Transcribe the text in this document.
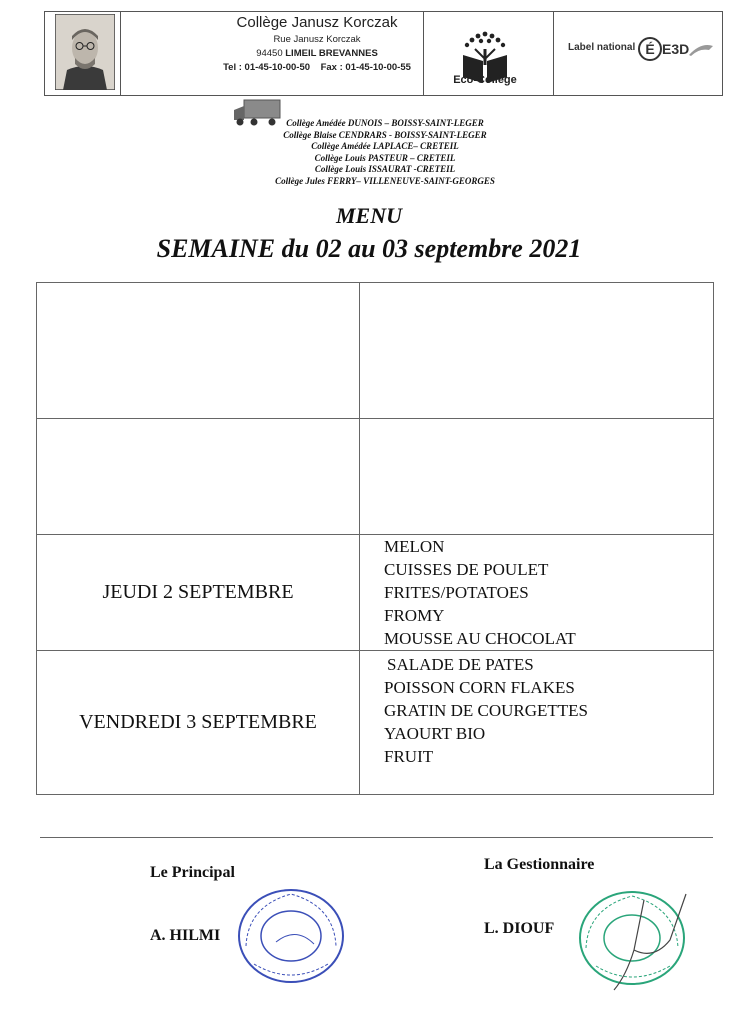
Collège Janusz Korczak
Rue Janusz Korczak
94450 LIMEIL BREVANNES
Tel : 01-45-10-00-50 Fax : 01-45-10-00-55
Eco-Collège
Label national É E3D
Collège Amédée DUNOIS – BOISSY-SAINT-LEGER
Collège Blaise CENDRARS - BOISSY-SAINT-LEGER
Collège Amédée LAPLACE– CRETEIL
Collège Louis PASTEUR – CRETEIL
Collège Louis ISSAURAT -CRETEIL
Collège Jules FERRY– VILLENEUVE-SAINT-GEORGES
MENU
SEMAINE du 02 au 03 septembre 2021

JEUDI 2 SEPTEMBRE	MELON
CUISSES DE POULET
FRITES/POTATOES
FROMY
MOUSSE AU CHOCOLAT

VENDREDI 3 SEPTEMBRE	SALADE DE PATES
POISSON CORN FLAKES
GRATIN DE COURGETTES
YAOURT BIO
FRUIT
Le Principal
A. HILMI
La Gestionnaire
L. DIOUF
